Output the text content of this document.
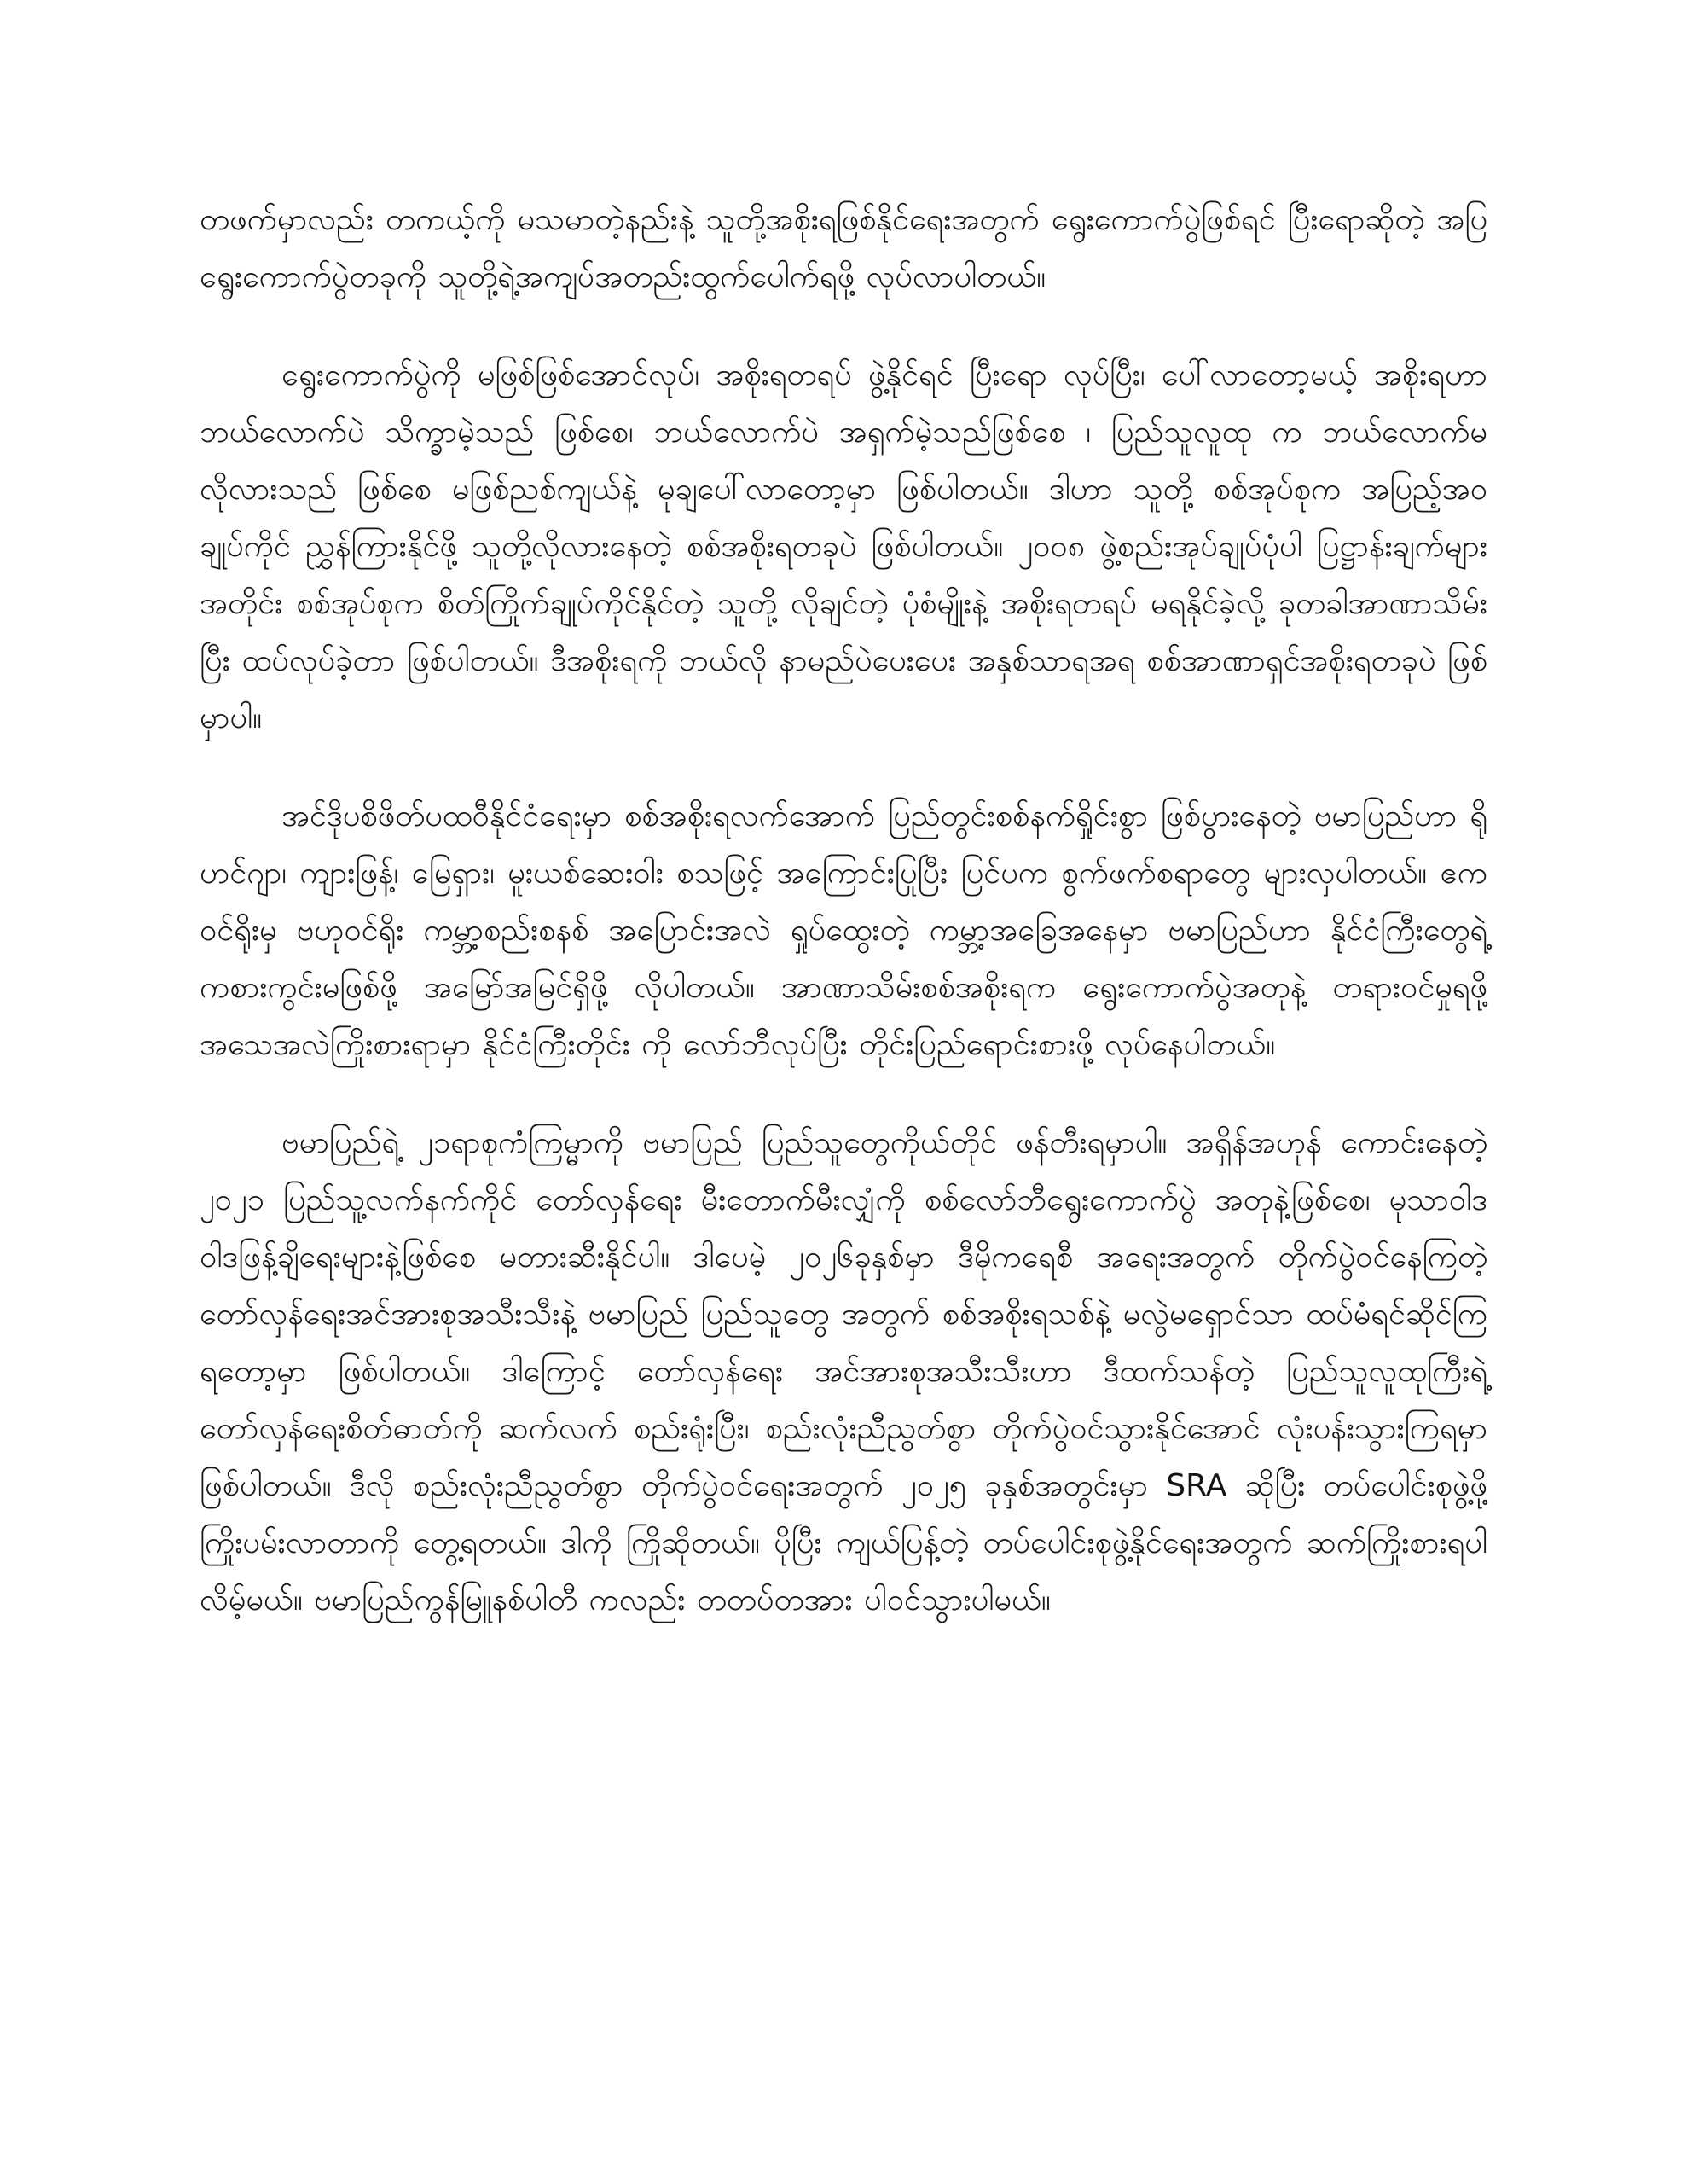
တဖက်မှာလည်း တကယ့်ကို မသမာတဲ့နည်းနဲ့ သူတို့အစိုးရဖြစ်နိုင်ရေးအတွက် ရွေးကောက်ပွဲဖြစ်ရင် ပြီးရောဆိုတဲ့ အပြရွေးကောက်ပွဲတခုကို သူတို့ရဲ့အကျပ်အတည်းထွက်ပေါက်ရဖို့ လုပ်လာပါတယ်။

ရွေးကောက်ပွဲကို မဖြစ်ဖြစ်အောင်လုပ်၊ အစိုးရတရပ် ဖွဲ့နိုင်ရင် ပြီးရော လုပ်ပြီး၊ ပေါ်လာတော့မယ့် အစိုးရဟာ ဘယ်လောက်ပဲ သိက္ခာမဲ့သည် ဖြစ်စေ၊ ဘယ်လောက်ပဲ အရှက်မဲ့သည်ဖြစ်စေ ၊ ပြည်သူလူထု က ဘယ်လောက်မလိုလားသည် ဖြစ်စေ မဖြစ်ညစ်ကျယ်နဲ့ မုချပေါ်လာတော့မှာ ဖြစ်ပါတယ်။ ဒါဟာ သူတို့ စစ်အုပ်စုက အပြည့်အဝ ချုပ်ကိုင် ညွှန်ကြားနိုင်ဖို့ သူတို့လိုလားနေတဲ့ စစ်အစိုးရတခုပဲ ဖြစ်ပါတယ်။ ၂၀၀၈ ဖွဲ့စည်းအုပ်ချုပ်ပုံပါ ပြဋ္ဌာန်းချက်များအတိုင်း စစ်အုပ်စုက စိတ်ကြိုက်ချုပ်ကိုင်နိုင်တဲ့ သူတို့ လိုချင်တဲ့ ပုံစံမျိုးနဲ့ အစိုးရတရပ် မရနိုင်ခဲ့လို့ ခုတခါအာဏာသိမ်းပြီး ထပ်လုပ်ခဲ့တာ ဖြစ်ပါတယ်။ ဒီအစိုးရကို ဘယ်လို နာမည်ပဲပေးပေး အနှစ်သာရအရ စစ်အာဏာရှင်အစိုးရတခုပဲ ဖြစ်မှာပါ။

အင်ဒိုပစိဖိတ်ပထဝီနိုင်ငံရေးမှာ စစ်အစိုးရလက်အောက် ပြည်တွင်းစစ်နက်ရှိုင်းစွာ ဖြစ်ပွားနေတဲ့ ဗမာပြည်ဟာ ရိုဟင်ဂျာ၊ ကျားဖြန့်၊ မြေရှား၊ မူးယစ်ဆေးဝါး စသဖြင့် အကြောင်းပြုပြီး ပြင်ပက စွက်ဖက်စရာတွေ များလှပါတယ်။ ဧကဝင်ရိုးမှ ဗဟုဝင်ရိုး ကမ္ဘာ့စည်းစနစ် အပြောင်းအလဲ ရှုပ်ထွေးတဲ့ ကမ္ဘာ့အခြေအနေမှာ ဗမာပြည်ဟာ နိုင်ငံကြီးတွေရဲ့ ကစားကွင်းမဖြစ်ဖို့ အမြော်အမြင်ရှိဖို့ လိုပါတယ်။ အာဏာသိမ်းစစ်အစိုးရက ရွေးကောက်ပွဲအတုနဲ့ တရားဝင်မှုရဖို့ အသေအလဲကြိုးစားရာမှာ နိုင်ငံကြီးတိုင်း ကို လော်ဘီလုပ်ပြီး တိုင်းပြည်ရောင်းစားဖို့ လုပ်နေပါတယ်။

ဗမာပြည်ရဲ့ ၂၁ရာစုကံကြမ္မာကို ဗမာပြည် ပြည်သူတွေကိုယ်တိုင် ဖန်တီးရမှာပါ။ အရှိန်အဟုန် ကောင်းနေတဲ့ ၂၀၂၁ ပြည်သူ့လက်နက်ကိုင် တော်လှန်ရေး မီးတောက်မီးလျှံကို စစ်လော်ဘီရွေးကောက်ပွဲ အတုနဲ့ဖြစ်စေ၊ မုသာဝါဒ ဝါဒဖြန့်ချိရေးများနဲ့ဖြစ်စေ မတားဆီးနိုင်ပါ။ ဒါပေမဲ့ ၂၀၂၆ခုနှစ်မှာ ဒီမိုကရေစီ အရေးအတွက် တိုက်ပွဲဝင်နေကြတဲ့ တော်လှန်ရေးအင်အားစုအသီးသီးနဲ့ ဗမာပြည် ပြည်သူတွေ အတွက် စစ်အစိုးရသစ်နဲ့ မလွဲမရှောင်သာ ထပ်မံရင်ဆိုင်ကြရတော့မှာ ဖြစ်ပါတယ်။ ဒါကြောင့် တော်လှန်ရေး အင်အားစုအသီးသီးဟာ ဒီထက်သန်တဲ့ ပြည်သူလူထုကြီးရဲ့ တော်လှန်ရေးစိတ်ဓာတ်ကို ဆက်လက် စည်းရုံးပြီး၊ စည်းလုံးညီညွတ်စွာ တိုက်ပွဲဝင်သွားနိုင်အောင် လုံးပန်းသွားကြရမှာ ဖြစ်ပါတယ်။ ဒီလို စည်းလုံးညီညွတ်စွာ တိုက်ပွဲဝင်ရေးအတွက် ၂၀၂၅ ခုနှစ်အတွင်းမှာ SRA ဆိုပြီး တပ်ပေါင်းစုဖွဲ့ဖို့ ကြိုးပမ်းလာတာကို တွေ့ရတယ်။ ဒါကို ကြိုဆိုတယ်။ ပိုပြီး ကျယ်ပြန့်တဲ့ တပ်ပေါင်းစုဖွဲ့နိုင်ရေးအတွက် ဆက်ကြိုးစားရပါလိမ့်မယ်။ ဗမာပြည်ကွန်မြူနစ်ပါတီ ကလည်း တတပ်တအား ပါဝင်သွားပါမယ်။
